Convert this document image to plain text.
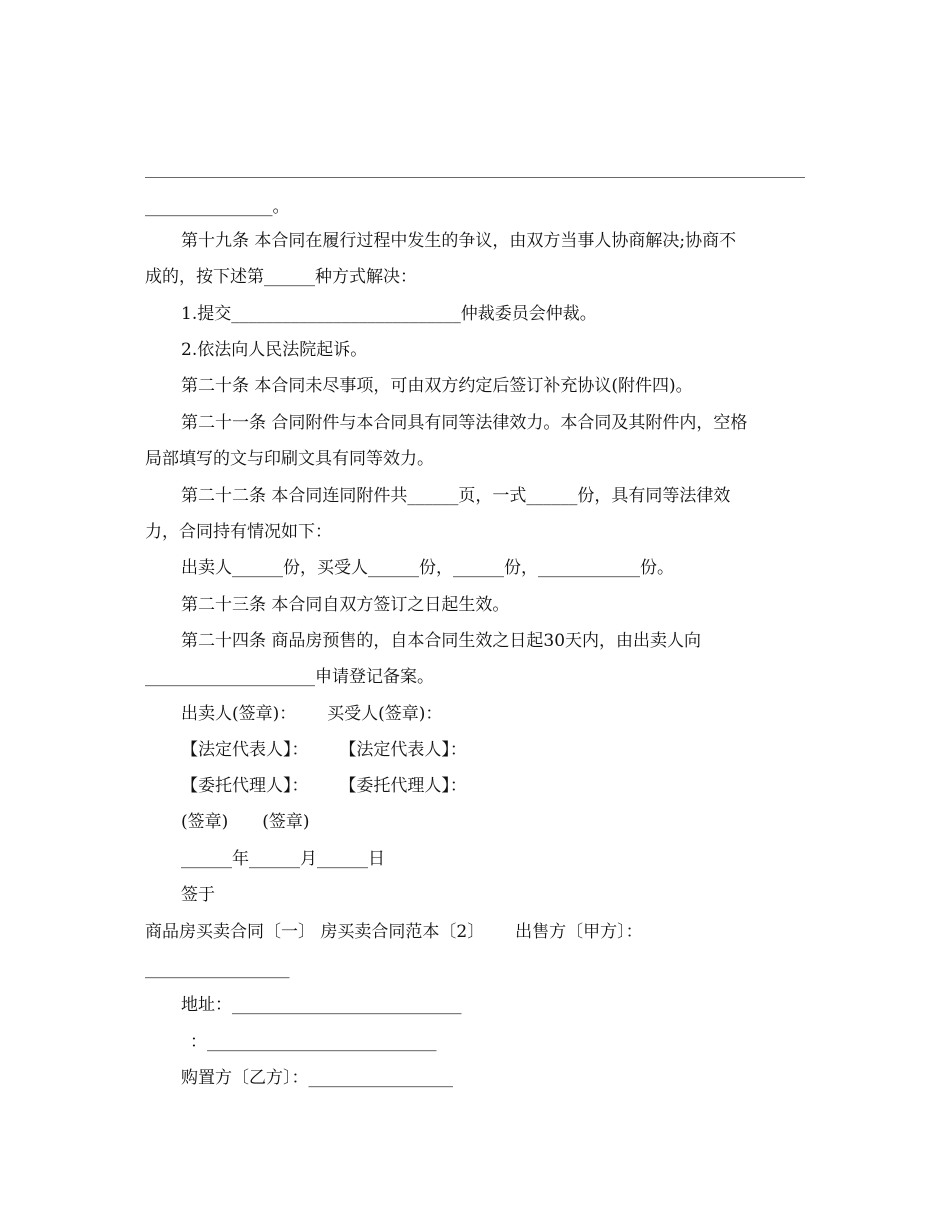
_______________。
第十九条 本合同在履行过程中发生的争议，由双方当事人协商解决;协商不
成的，按下述第______种方式解决：
1.提交___________________________仲裁委员会仲裁。
2.依法向人民法院起诉。
第二十条 本合同未尽事项，可由双方约定后签订补充协议(附件四)。
第二十一条 合同附件与本合同具有同等法律效力。本合同及其附件内，空格
局部填写的文与印刷文具有同等效力。
第二十二条 本合同连同附件共______页，一式______份，具有同等法律效
力，合同持有情况如下：
出卖人______份，买受人______份，______份，____________份。
第二十三条 本合同自双方签订之日起生效。
第二十四条 商品房预售的，自本合同生效之日起30天内，由出卖人向
____________________申请登记备案。
出卖人(签章)：　　 买受人(签章)：
【法定代表人】：　　 【法定代表人】：
【委托代理人】：　　 【委托代理人】：
(签章)　　(签章)
______年______月______日
签于
商品房买卖合同〔一〕 房买卖合同范本〔2〕　　 出售方〔甲方〕：
_________________
地址：___________________________
：___________________________
购置方〔乙方〕：_________________
